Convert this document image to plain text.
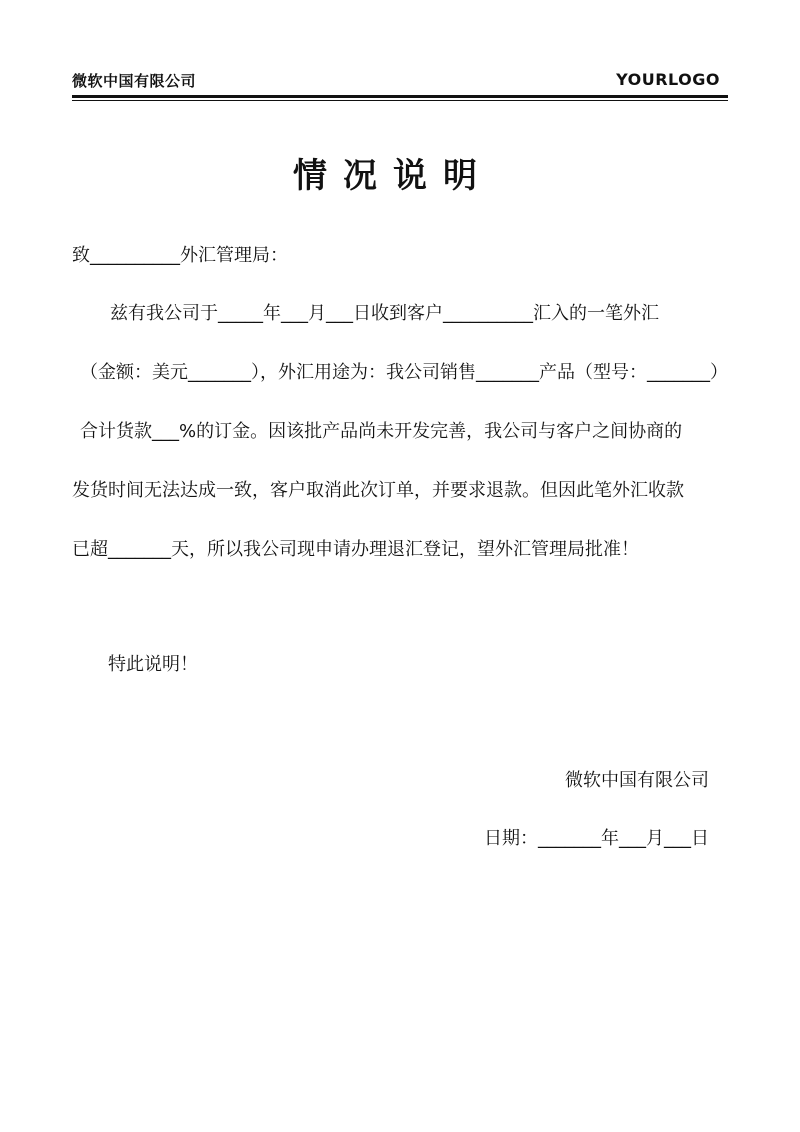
微软中国有限公司	YOURLOGO
情况说明
致__________外汇管理局：
兹有我公司于_____年___月___日收到客户__________汇入的一笔外汇
（金额：美元_______），外汇用途为：我公司销售_______产品（型号：_______）
合计货款___%的订金。因该批产品尚未开发完善，我公司与客户之间协商的
发货时间无法达成一致，客户取消此次订单，并要求退款。但因此笔外汇收款
已超_______天，所以我公司现申请办理退汇登记，望外汇管理局批准！
特此说明！
微软中国有限公司
日期：_______年___月___日
